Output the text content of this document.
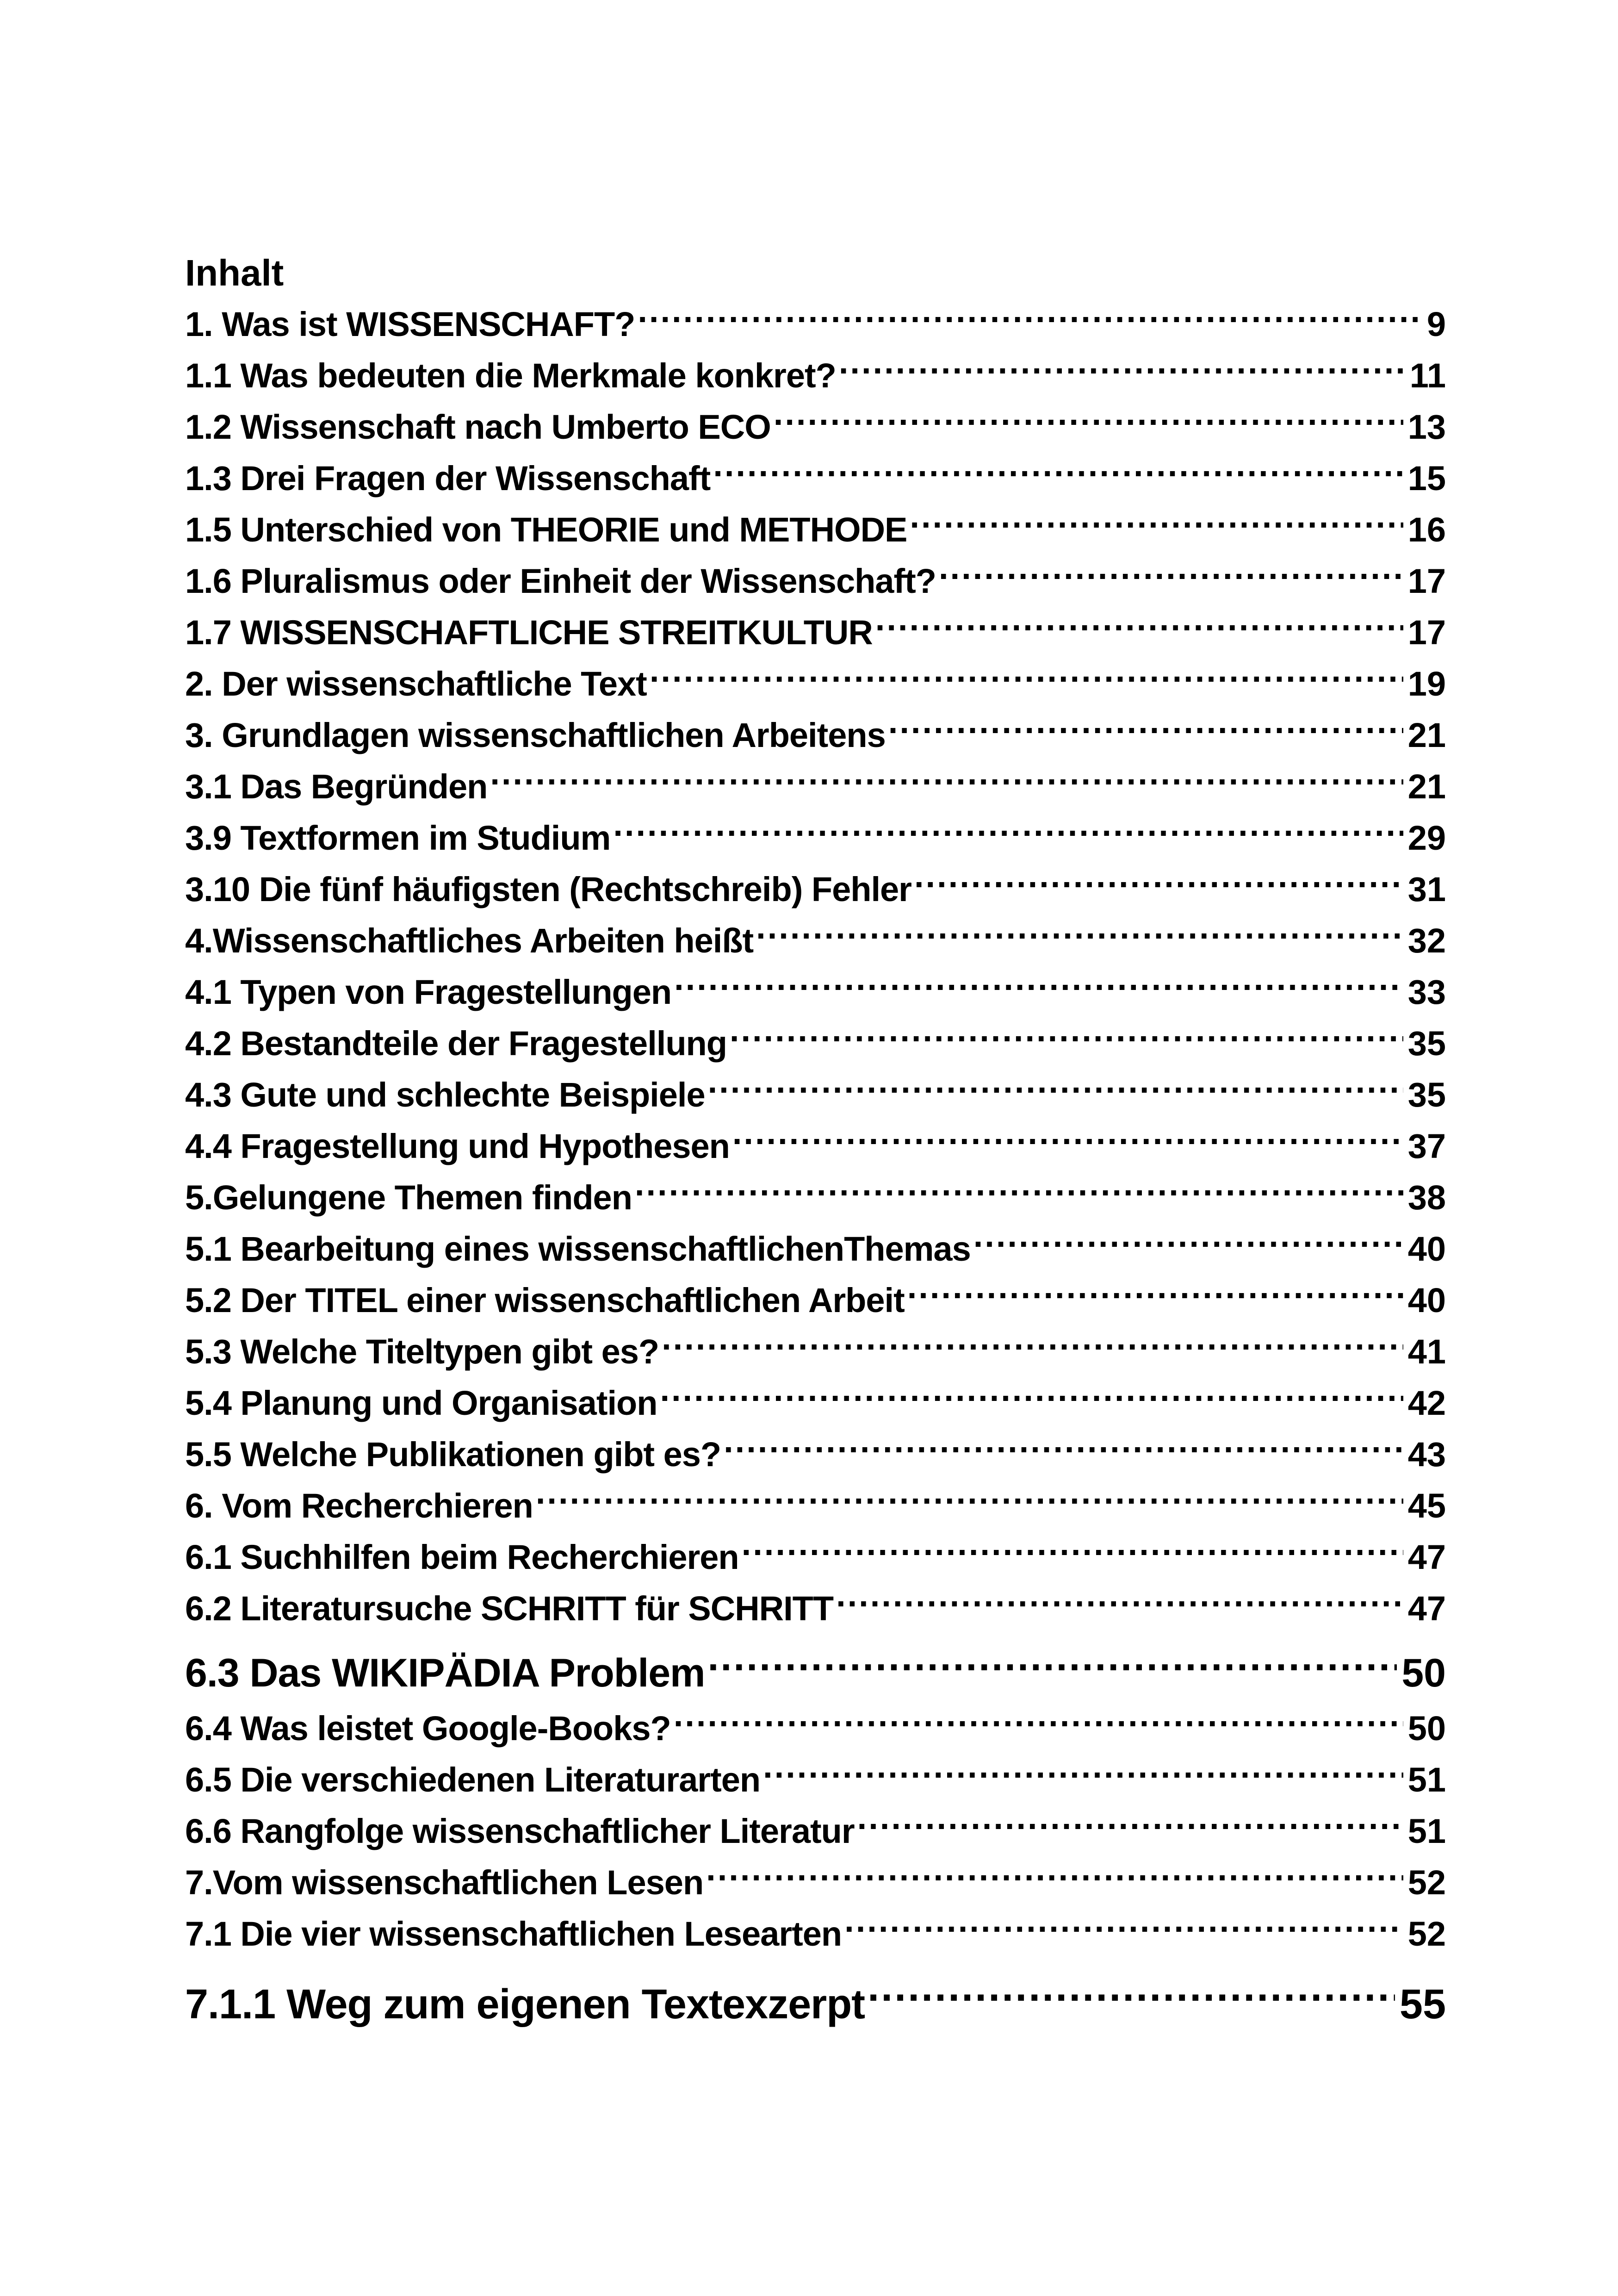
Inhalt
1. Was ist WISSENSCHAFT? .....	9
1.1 Was bedeuten die Merkmale konkret? .....	11
1.2 Wissenschaft nach Umberto ECO .....	13
1.3 Drei Fragen der Wissenschaft .....	15
1.5 Unterschied von THEORIE und METHODE .....	16
1.6 Pluralismus oder Einheit der Wissenschaft? .....	17
1.7 WISSENSCHAFTLICHE STREITKULTUR .....	17
2. Der wissenschaftliche Text .....	19
3. Grundlagen wissenschaftlichen Arbeitens .....	21
3.1 Das Begründen .....	21
3.9 Textformen im Studium .....	29
3.10 Die fünf häufigsten (Rechtschreib) Fehler .....	31
4.Wissenschaftliches Arbeiten heißt .....	32
4.1 Typen von Fragestellungen .....	33
4.2 Bestandteile der Fragestellung .....	35
4.3 Gute und schlechte Beispiele .....	35
4.4 Fragestellung und Hypothesen .....	37
5.Gelungene Themen finden .....	38
5.1 Bearbeitung eines wissenschaftlichenThemas .....	40
5.2 Der TITEL einer wissenschaftlichen Arbeit .....	40
5.3 Welche Titeltypen gibt es? .....	41
5.4 Planung und Organisation .....	42
5.5 Welche Publikationen gibt es? .....	43
6. Vom Recherchieren .....	45
6.1 Suchhilfen beim Recherchieren .....	47
6.2 Literatursuche SCHRITT für SCHRITT .....	47
6.3 Das WIKIPÄDIA Problem .....	50
6.4 Was leistet Google-Books? .....	50
6.5 Die verschiedenen Literaturarten .....	51
6.6 Rangfolge wissenschaftlicher Literatur .....	51
7.Vom wissenschaftlichen Lesen .....	52
7.1 Die vier wissenschaftlichen Lesearten .....	52
7.1.1 Weg zum eigenen Textexzerpt .....	55
